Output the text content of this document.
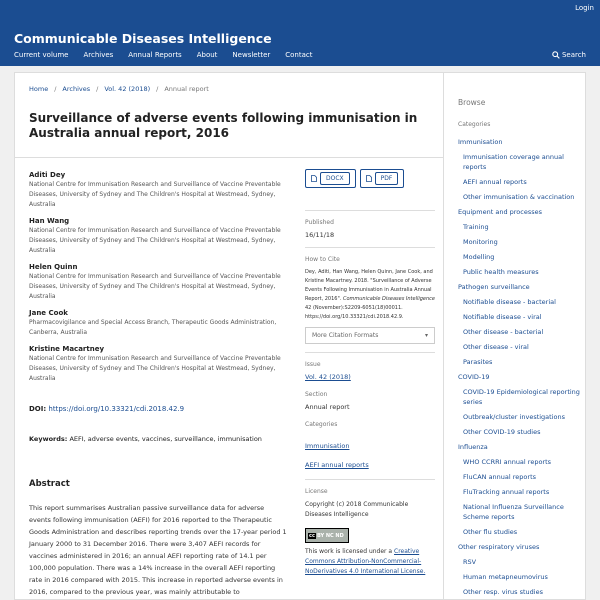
Login
Communicable Diseases Intelligence
Current volume Archives Annual Reports About Newsletter Contact	Search
Home / Archives / Vol. 42 (2018) / Annual report
Surveillance of adverse events following immunisation in Australia annual report, 2016
Aditi Dey
National Centre for Immunisation Research and Surveillance of Vaccine Preventable Diseases, University of Sydney and The Children's Hospital at Westmead, Sydney, Australia
Han Wang
National Centre for Immunisation Research and Surveillance of Vaccine Preventable Diseases, University of Sydney and The Children's Hospital at Westmead, Sydney, Australia
Helen Quinn
National Centre for Immunisation Research and Surveillance of Vaccine Preventable Diseases, University of Sydney and The Children's Hospital at Westmead, Sydney, Australia
Jane Cook
Pharmacovigilance and Special Access Branch, Therapeutic Goods Administration, Canberra, Australia
Kristine Macartney
National Centre for Immunisation Research and Surveillance of Vaccine Preventable Diseases, University of Sydney and The Children's Hospital at Westmead, Sydney, Australia
DOI: https://doi.org/10.33321/cdi.2018.42.9
Keywords: AEFI, adverse events, vaccines, surveillance, immunisation
Abstract

This report summarises Australian passive surveillance data for adverse events following immunisation (AEFI) for 2016 reported to the Therapeutic Goods Administration and describes reporting trends over the 17-year period 1 January 2000 to 31 December 2016. There were 3,407 AEFI records for vaccines administered in 2016; an annual AEFI reporting rate of 14.1 per 100,000 population. There was a 14% increase in the overall AEFI reporting rate in 2016 compared with 2015. This increase in reported adverse events in 2016, compared to the previous year, was mainly attributable to

DOCX	PDF
Published
16/11/18
How to Cite
Dey, Aditi, Han Wang, Helen Quinn, Jane Cook, and Kristine Macartney. 2018. "Surveillance of Adverse Events Following Immunisation in Australia Annual Report, 2016". Communicable Diseases Intelligence 42 (November):S2209-6051(18)00011. https://doi.org/10.33321/cdi.2018.42.9.
More Citation Formats	▾
Issue
Vol. 42 (2018)
Section
Annual report
Categories
Immunisation
AEFI annual reports
License
Copyright (c) 2018 Communicable Diseases Intelligence
cc BY NC ND
This work is licensed under a Creative Commons Attribution-NonCommercial-NoDerivatives 4.0 International License.
Browse
Categories
Immunisation
Immunisation coverage annual reports
AEFI annual reports
Other immunisation & vaccination
Equipment and processes
Training
Monitoring
Modelling
Public health measures
Pathogen surveillance
Notifiable disease - bacterial
Notifiable disease - viral
Other disease - bacterial
Other disease - viral
Parasites
COVID-19
COVID-19 Epidemiological reporting series
Outbreak/cluster investigations
Other COVID-19 studies
Influenza
WHO CCRRI annual reports
FluCAN annual reports
FluTracking annual reports
National Influenza Surveillance Scheme reports
Other flu studies
Other respiratory viruses
RSV
Human metapneumovirus
Other resp. virus studies
